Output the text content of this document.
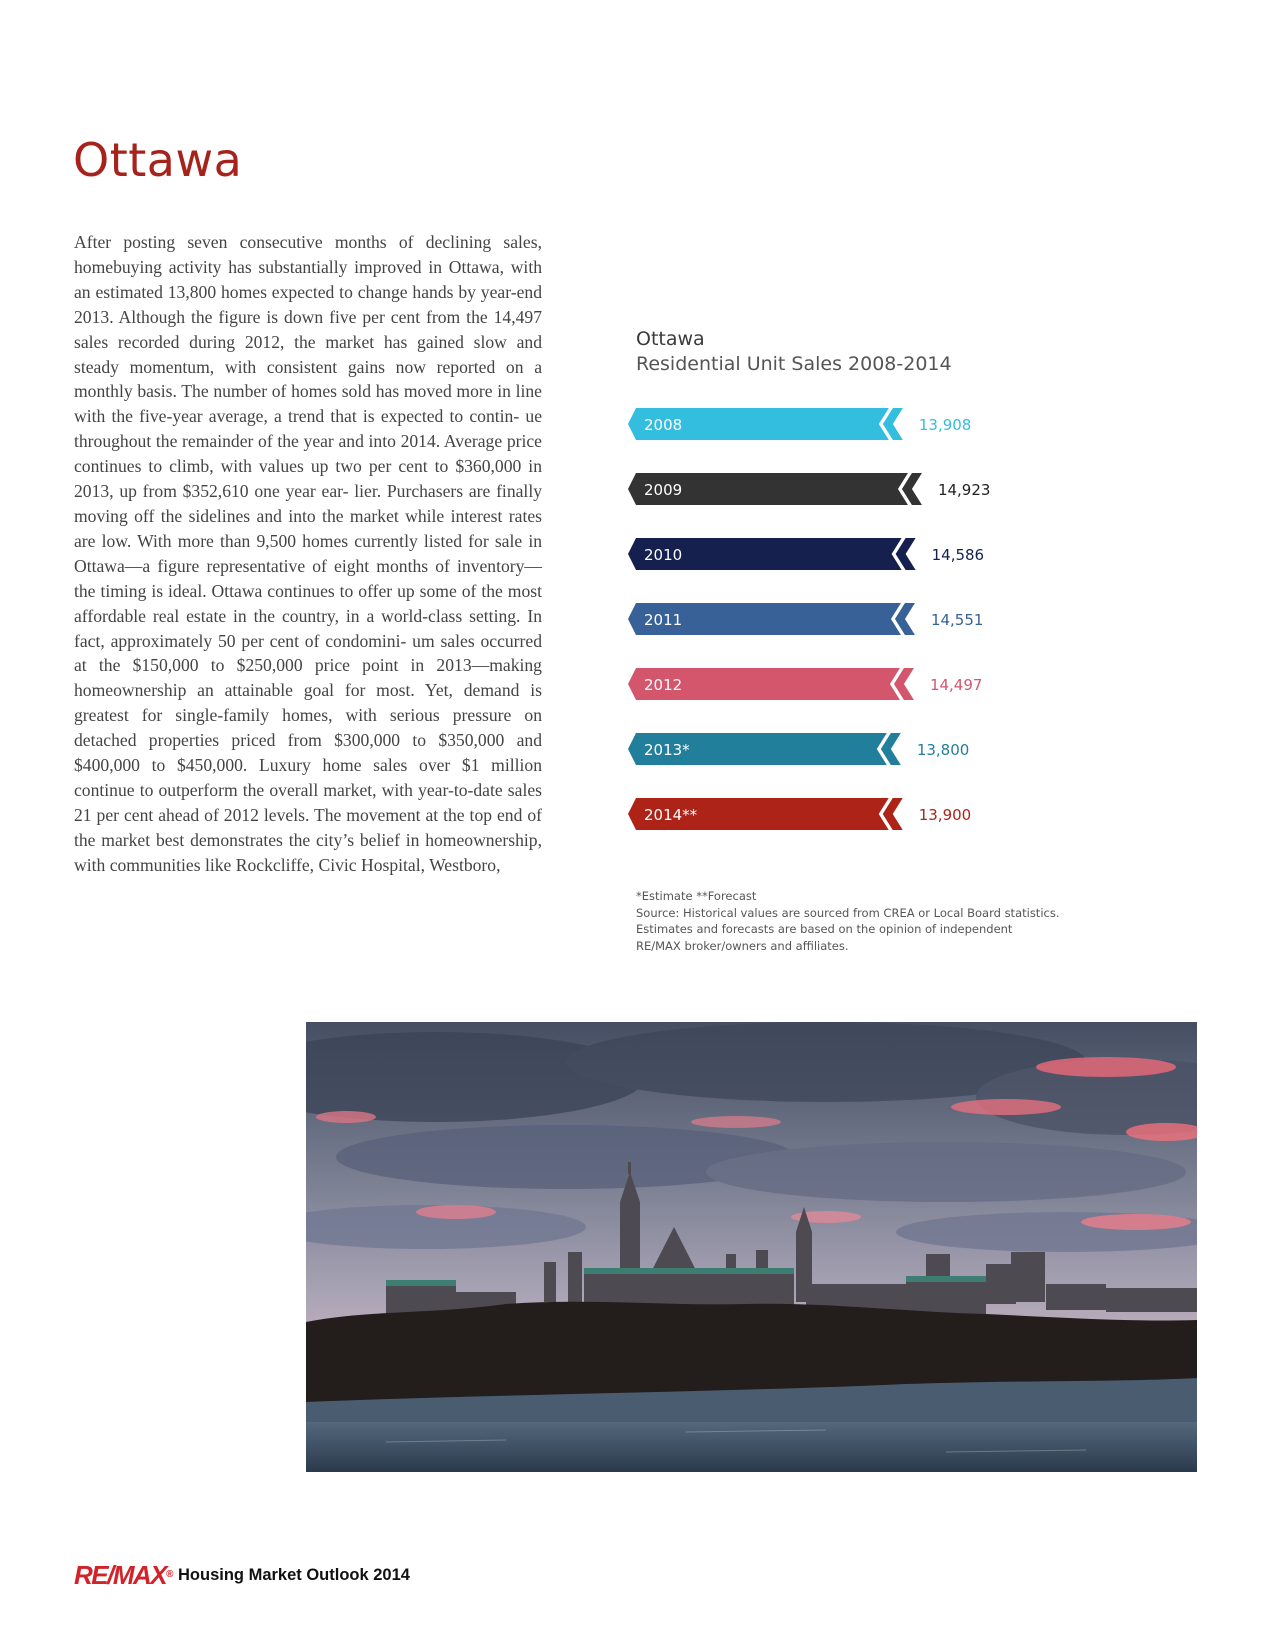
Ottawa
After posting seven consecutive months of declining sales, homebuying activity has substantially improved in Ottawa, with an estimated 13,800 homes expected to change hands by year-end 2013. Although the figure is down five per cent from the 14,497 sales recorded during 2012, the market has gained slow and steady momentum, with consistent gains now reported on a monthly basis. The number of homes sold has moved more in line with the five-year average, a trend that is expected to contin- ue throughout the remainder of the year and into 2014. Average price continues to climb, with values up two per cent to $360,000 in 2013, up from $352,610 one year ear- lier. Purchasers are finally moving off the sidelines and into the market while interest rates are low. With more than 9,500 homes currently listed for sale in Ottawa—a figure representative of eight months of inventory—the timing is ideal. Ottawa continues to offer up some of the most affordable real estate in the country, in a world-class setting. In fact, approximately 50 per cent of condomini- um sales occurred at the $150,000 to $250,000 price point in 2013—making homeownership an attainable goal for most. Yet, demand is greatest for single-family homes, with serious pressure on detached properties priced from $300,000 to $350,000 and $400,000 to $450,000. Luxury home sales over $1 million continue to outperform the overall market, with year-to-date sales 21 per cent ahead of 2012 levels. The movement at the top end of the market best demonstrates the city’s belief in homeownership, with communities like Rockcliffe, Civic Hospital, Westboro,
Ottawa
Residential Unit Sales 2008-2014
2008	13,908
2009	14,923
2010	14,586
2011	14,551
2012	14,497
2013*	13,800
2014**	13,900
*Estimate **Forecast
Source: Historical values are sourced from CREA or Local Board statistics.
Estimates and forecasts are based on the opinion of independent
RE/MAX broker/owners and affiliates.
RE/MAX® Housing Market Outlook 2014
